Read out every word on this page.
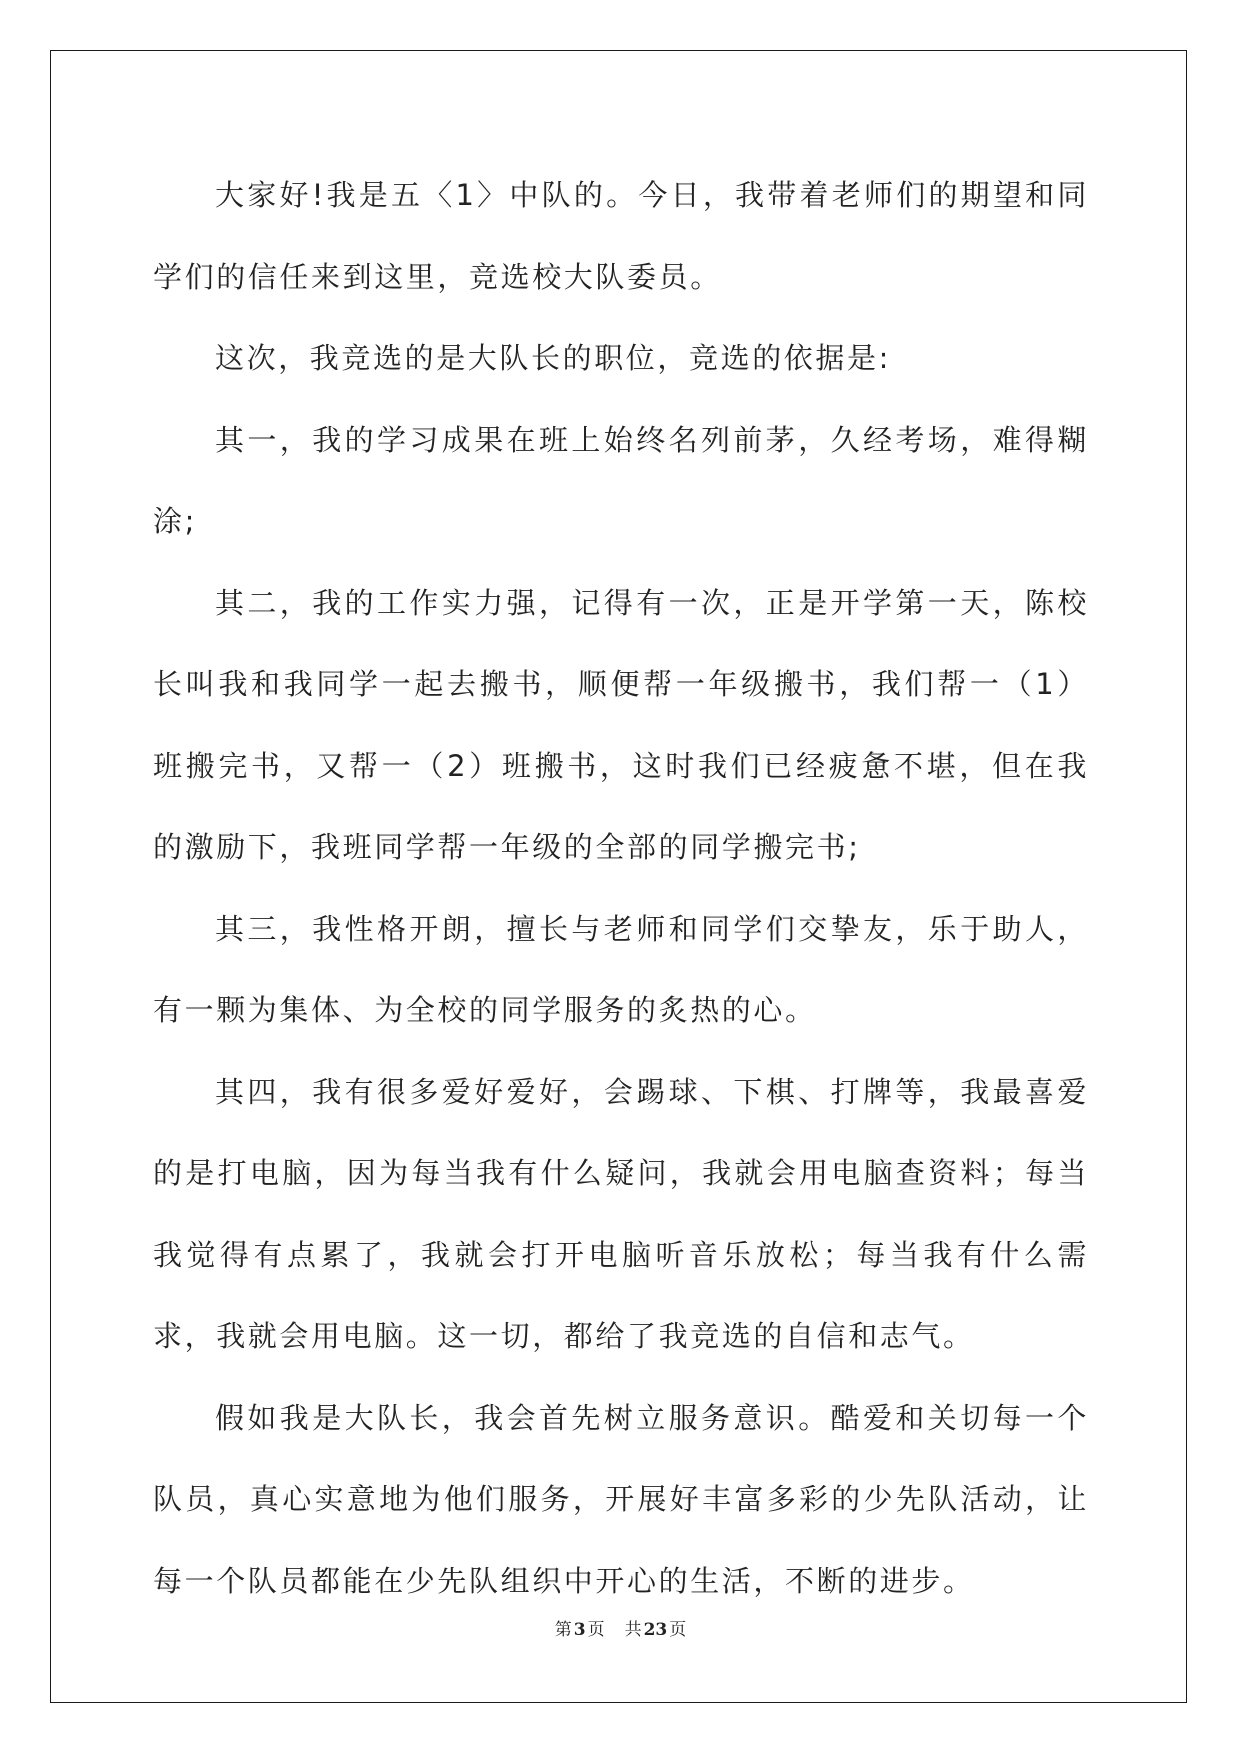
大家好!我是五〈1〉中队的。今日，我带着老师们的期望和同学们的信任来到这里，竞选校大队委员。

这次，我竞选的是大队长的职位，竞选的依据是:

其一，我的学习成果在班上始终名列前茅，久经考场，难得糊涂;

其二，我的工作实力强，记得有一次，正是开学第一天，陈校长叫我和我同学一起去搬书，顺便帮一年级搬书，我们帮一（1）班搬完书，又帮一（2）班搬书，这时我们已经疲惫不堪，但在我的激励下，我班同学帮一年级的全部的同学搬完书;

其三，我性格开朗，擅长与老师和同学们交挚友，乐于助人，有一颗为集体、为全校的同学服务的炙热的心。

其四，我有很多爱好爱好，会踢球、下棋、打牌等，我最喜爱的是打电脑，因为每当我有什么疑问，我就会用电脑查资料；每当我觉得有点累了，我就会打开电脑听音乐放松；每当我有什么需求，我就会用电脑。这一切，都给了我竞选的自信和志气。

假如我是大队长，我会首先树立服务意识。酷爱和关切每一个队员，真心实意地为他们服务，开展好丰富多彩的少先队活动，让每一个队员都能在少先队组织中开心的生活，不断的进步。

第 3 页 共 23 页
